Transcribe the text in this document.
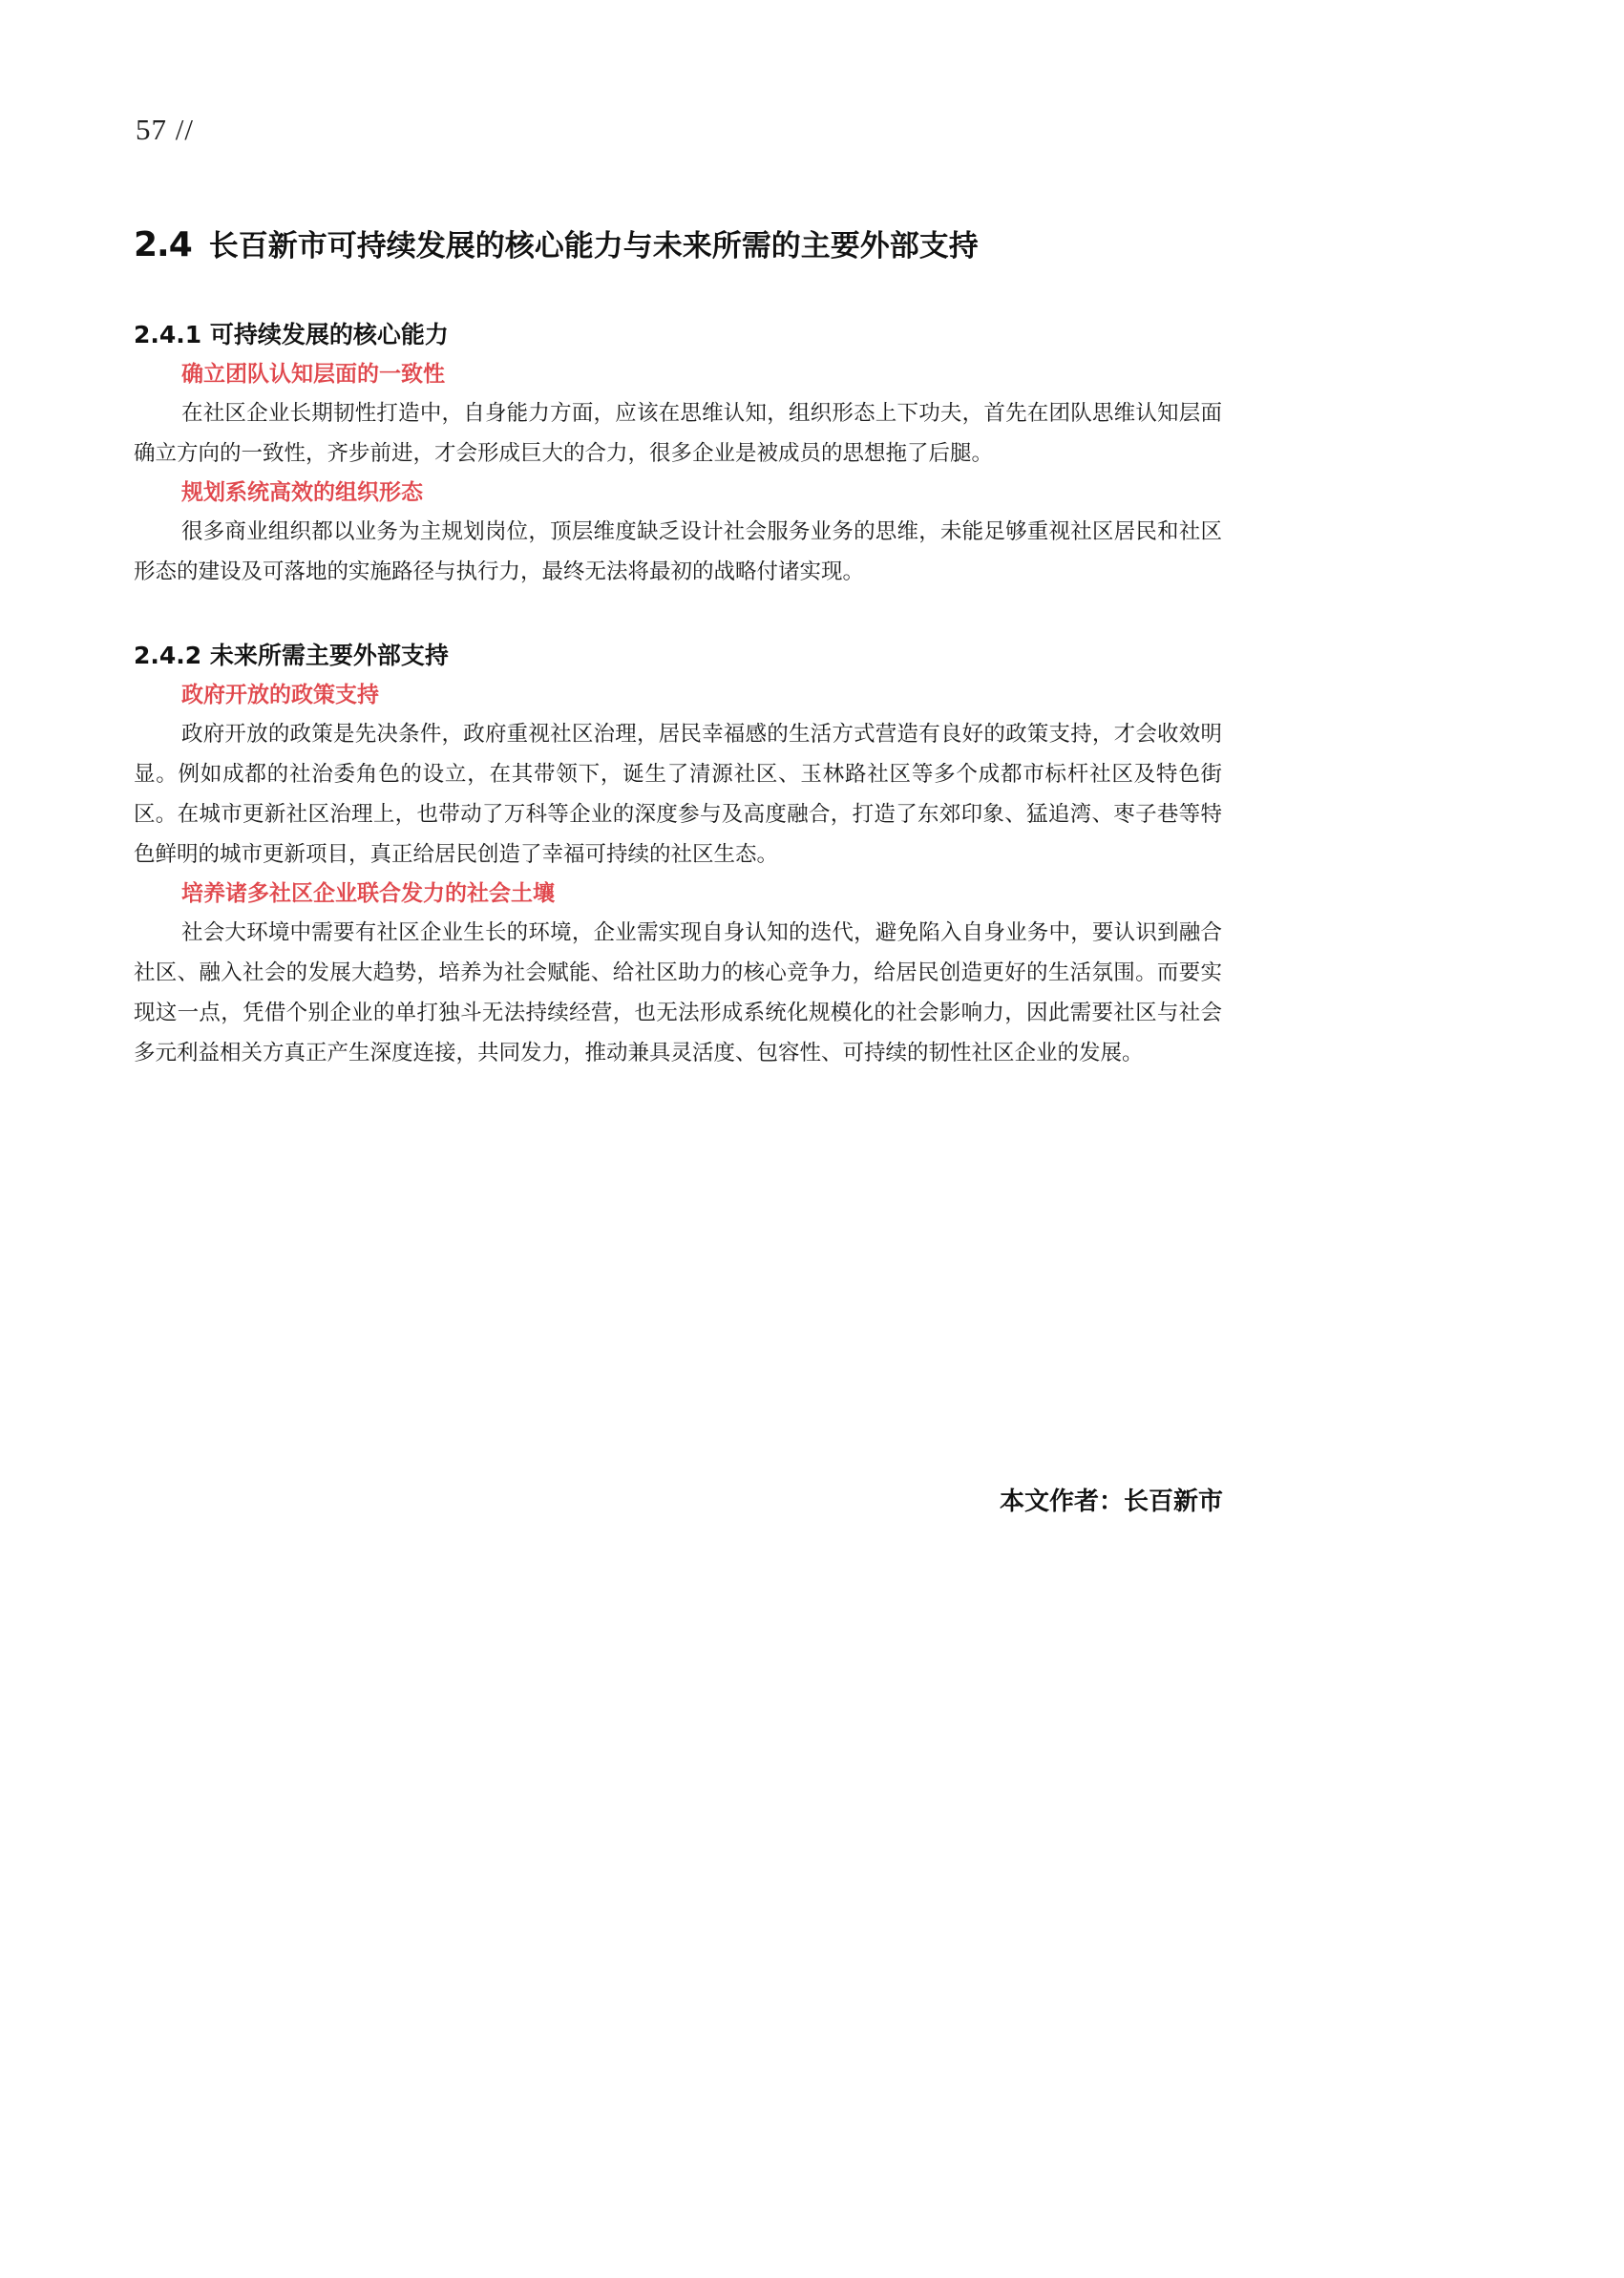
57 //
2.4 长百新市可持续发展的核心能力与未来所需的主要外部支持
2.4.1 可持续发展的核心能力
确立团队认知层面的一致性

在社区企业长期韧性打造中，自身能力方面，应该在思维认知，组织形态上下功夫，首先在团队思维认知层面确立方向的一致性，齐步前进，才会形成巨大的合力，很多企业是被成员的思想拖了后腿。

规划系统高效的组织形态

很多商业组织都以业务为主规划岗位，顶层维度缺乏设计社会服务业务的思维，未能足够重视社区居民和社区形态的建设及可落地的实施路径与执行力，最终无法将最初的战略付诸实现。

2.4.2 未来所需主要外部支持
政府开放的政策支持

政府开放的政策是先决条件，政府重视社区治理，居民幸福感的生活方式营造有良好的政策支持，才会收效明显。例如成都的社治委角色的设立，在其带领下，诞生了清源社区、玉林路社区等多个成都市标杆社区及特色街区。在城市更新社区治理上，也带动了万科等企业的深度参与及高度融合，打造了东郊印象、猛追湾、枣子巷等特色鲜明的城市更新项目，真正给居民创造了幸福可持续的社区生态。

培养诸多社区企业联合发力的社会土壤

社会大环境中需要有社区企业生长的环境，企业需实现自身认知的迭代，避免陷入自身业务中，要认识到融合社区、融入社会的发展大趋势，培养为社会赋能、给社区助力的核心竞争力，给居民创造更好的生活氛围。而要实现这一点，凭借个别企业的单打独斗无法持续经营，也无法形成系统化规模化的社会影响力，因此需要社区与社会多元利益相关方真正产生深度连接，共同发力，推动兼具灵活度、包容性、可持续的韧性社区企业的发展。

本文作者：长百新市
